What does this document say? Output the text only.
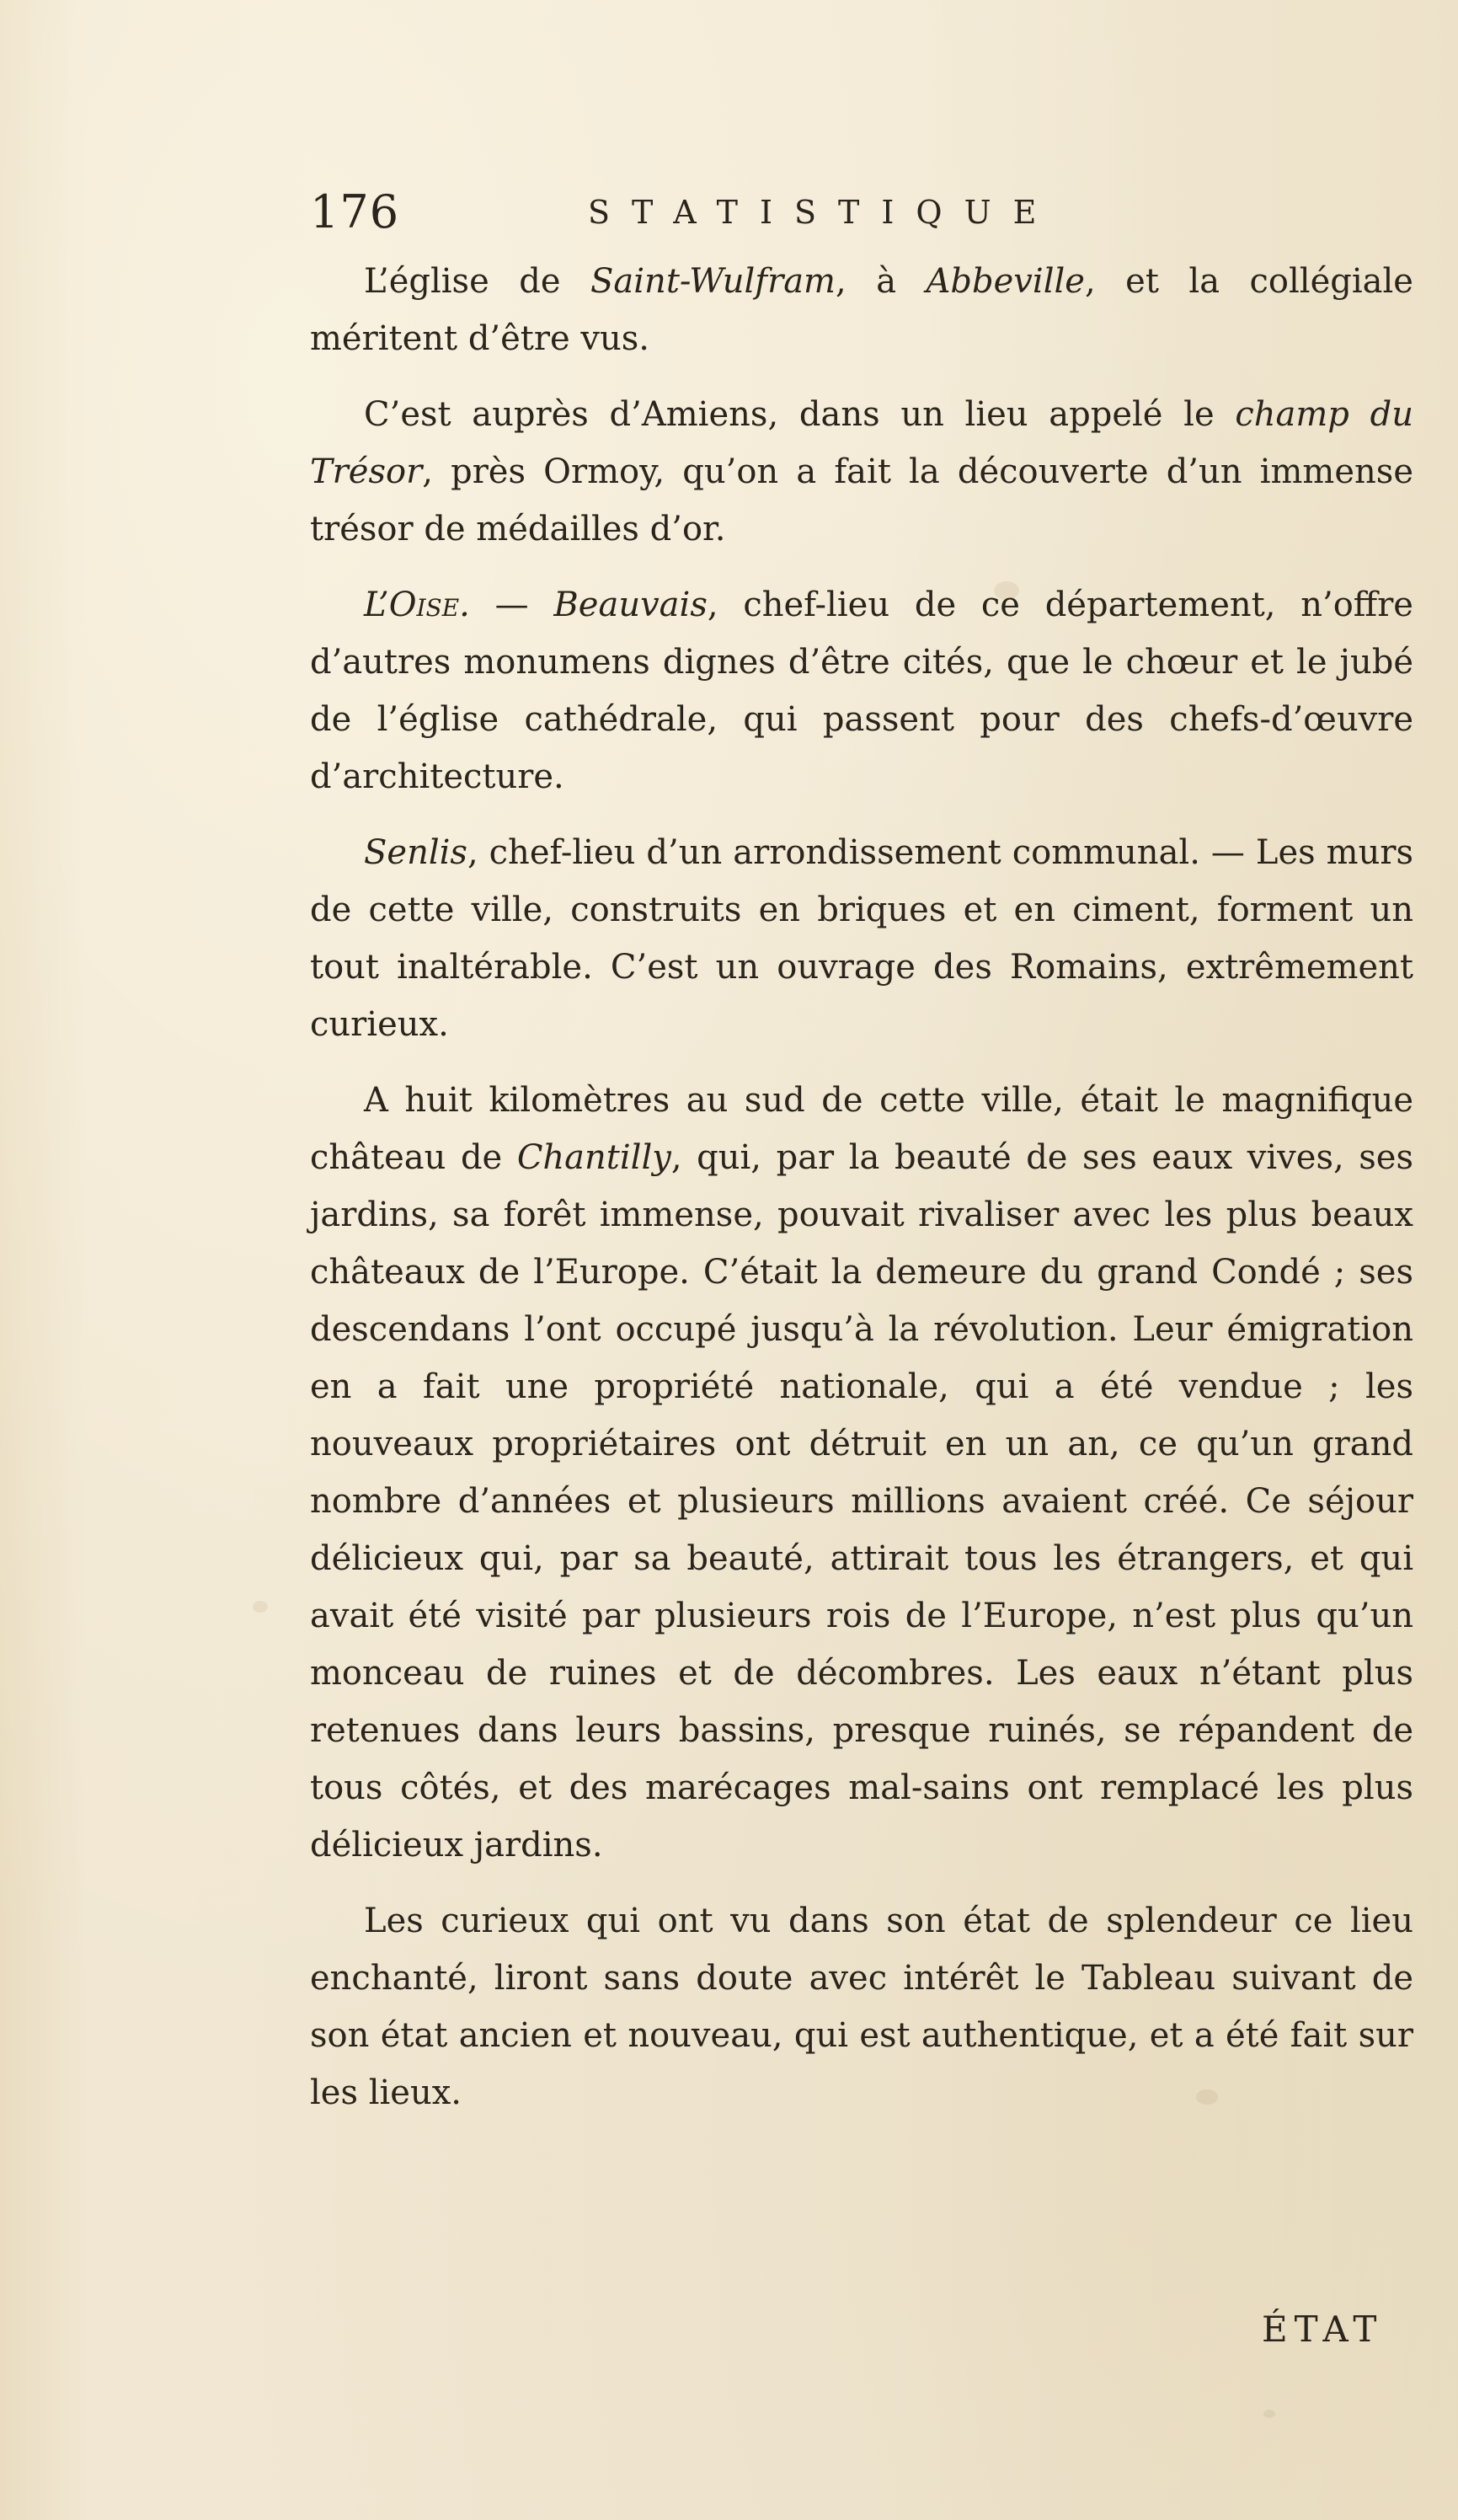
176	STATISTIQUE

L’église de Saint-Wulfram, à Abbeville, et la collégiale méritent d’être vus.

C’est auprès d’Amiens, dans un lieu appelé le champ du Trésor, près Ormoy, qu’on a fait la découverte d’un immense trésor de médailles d’or.

L’Oise. — Beauvais, chef-lieu de ce département, n’offre d’autres monumens dignes d’être cités, que le chœur et le jubé de l’église cathédrale, qui passent pour des chefs-d’œuvre d’architecture.

Senlis, chef-lieu d’un arrondissement communal. — Les murs de cette ville, construits en briques et en ciment, forment un tout inaltérable. C’est un ouvrage des Romains, extrêmement curieux.

A huit kilomètres au sud de cette ville, était le magnifique château de Chantilly, qui, par la beauté de ses eaux vives, ses jardins, sa forêt immense, pouvait rivaliser avec les plus beaux châteaux de l’Europe. C’était la demeure du grand Condé ; ses descendans l’ont occupé jusqu’à la révolution. Leur émigration en a fait une propriété nationale, qui a été vendue ; les nouveaux propriétaires ont détruit en un an, ce qu’un grand nombre d’années et plusieurs millions avaient créé. Ce séjour délicieux qui, par sa beauté, attirait tous les étrangers, et qui avait été visité par plusieurs rois de l’Europe, n’est plus qu’un monceau de ruines et de décombres. Les eaux n’étant plus retenues dans leurs bassins, presque ruinés, se répandent de tous côtés, et des marécages mal-sains ont remplacé les plus délicieux jardins.

Les curieux qui ont vu dans son état de splendeur ce lieu enchanté, liront sans doute avec intérêt le Tableau suivant de son état ancien et nouveau, qui est authentique, et a été fait sur les lieux.

ÉTAT
